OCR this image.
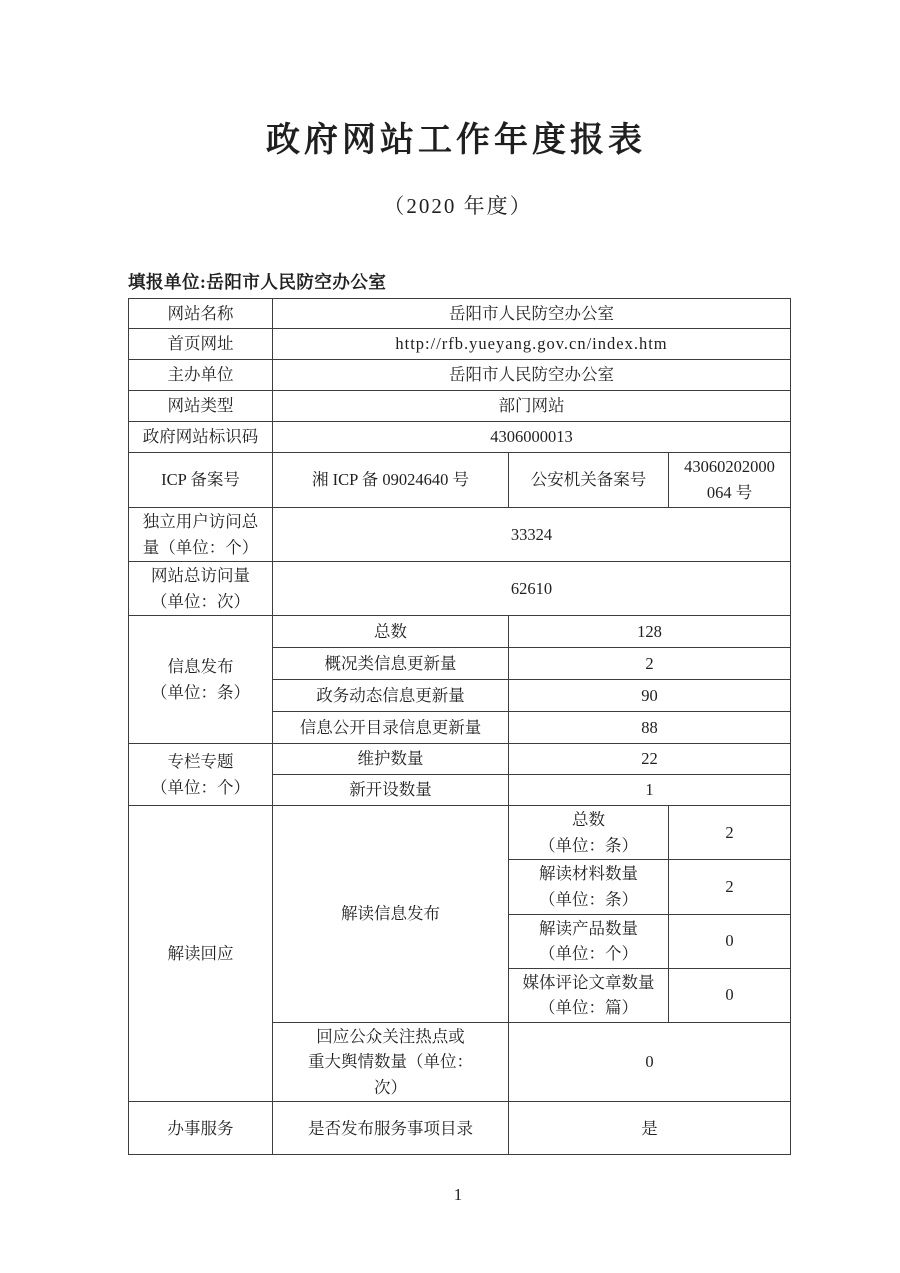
政府网站工作年度报表
（2020 年度）
填报单位:岳阳市人民防空办公室
网站名称	岳阳市人民防空办公室		
首页网址	http://rfb.yueyang.gov.cn/index.htm		
主办单位	岳阳市人民防空办公室		
网站类型	部门网站		
政府网站标识码	4306000013		
ICP 备案号	湘 ICP 备 09024640 号	公安机关备案号	43060202000
064 号
独立用户访问总
量（单位：个）	33324		
网站总访问量
（单位：次）	62610		
信息发布
（单位：条）	总数	128	
	概况类信息更新量	2	
	政务动态信息更新量	90	
	信息公开目录信息更新量	88	
专栏专题
（单位：个）	维护数量	22	
	新开设数量	1	
解读回应	解读信息发布	总数
（单位：条）	2
		解读材料数量
（单位：条）	2
		解读产品数量
（单位：个）	0
		媒体评论文章数量
（单位：篇）	0
	回应公众关注热点或
重大舆情数量（单位：
次）	0	
办事服务	是否发布服务事项目录	是	
1
